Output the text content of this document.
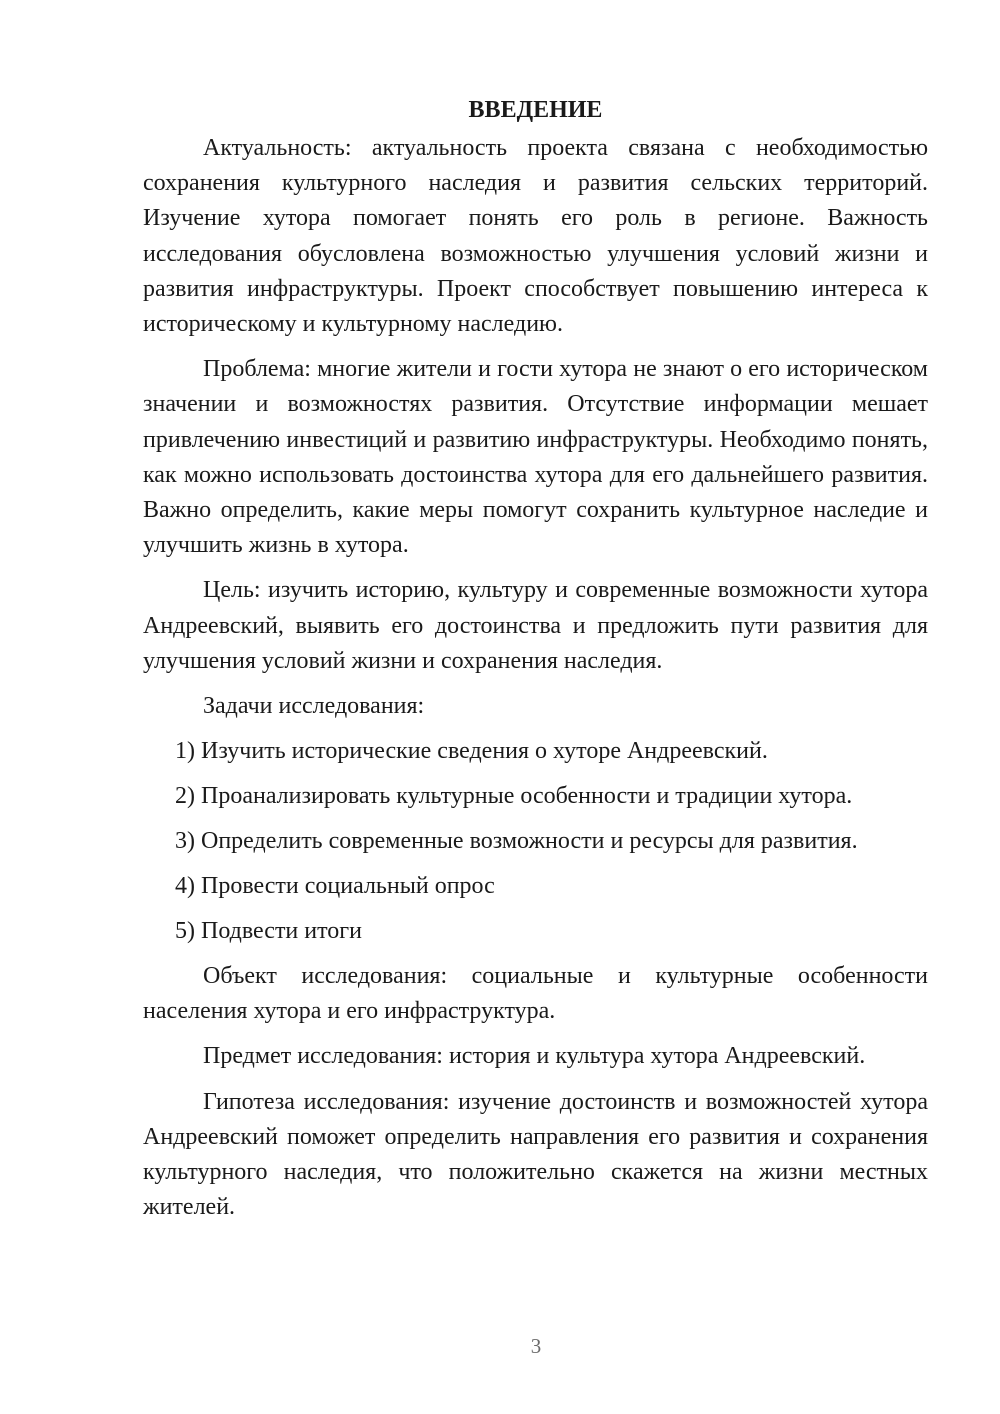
ВВЕДЕНИЕ

Актуальность: актуальность проекта связана с необходимостью сохранения культурного наследия и развития сельских территорий. Изучение хутора помогает понять его роль в регионе. Важность исследования обусловлена возможностью улучшения условий жизни и развития инфраструктуры. Проект способствует повышению интереса к историческому и культурному наследию.

Проблема: многие жители и гости хутора не знают о его историческом значении и возможностях развития. Отсутствие информации мешает привлечению инвестиций и развитию инфраструктуры. Необходимо понять, как можно использовать достоинства хутора для его дальнейшего развития. Важно определить, какие меры помогут сохранить культурное наследие и улучшить жизнь в хутора.

Цель: изучить историю, культуру и современные возможности хутора Андреевский, выявить его достоинства и предложить пути развития для улучшения условий жизни и сохранения наследия.

Задачи исследования:

1) Изучить исторические сведения о хуторе Андреевский.
2) Проанализировать культурные особенности и традиции хутора.
3) Определить современные возможности и ресурсы для развития.
4) Провести социальный опрос
5) Подвести итоги

Объект исследования: социальные и культурные особенности населения хутора и его инфраструктура.

Предмет исследования: история и культура хутора Андреевский.

Гипотеза исследования: изучение достоинств и возможностей хутора Андреевский поможет определить направления его развития и сохранения культурного наследия, что положительно скажется на жизни местных жителей.

3
